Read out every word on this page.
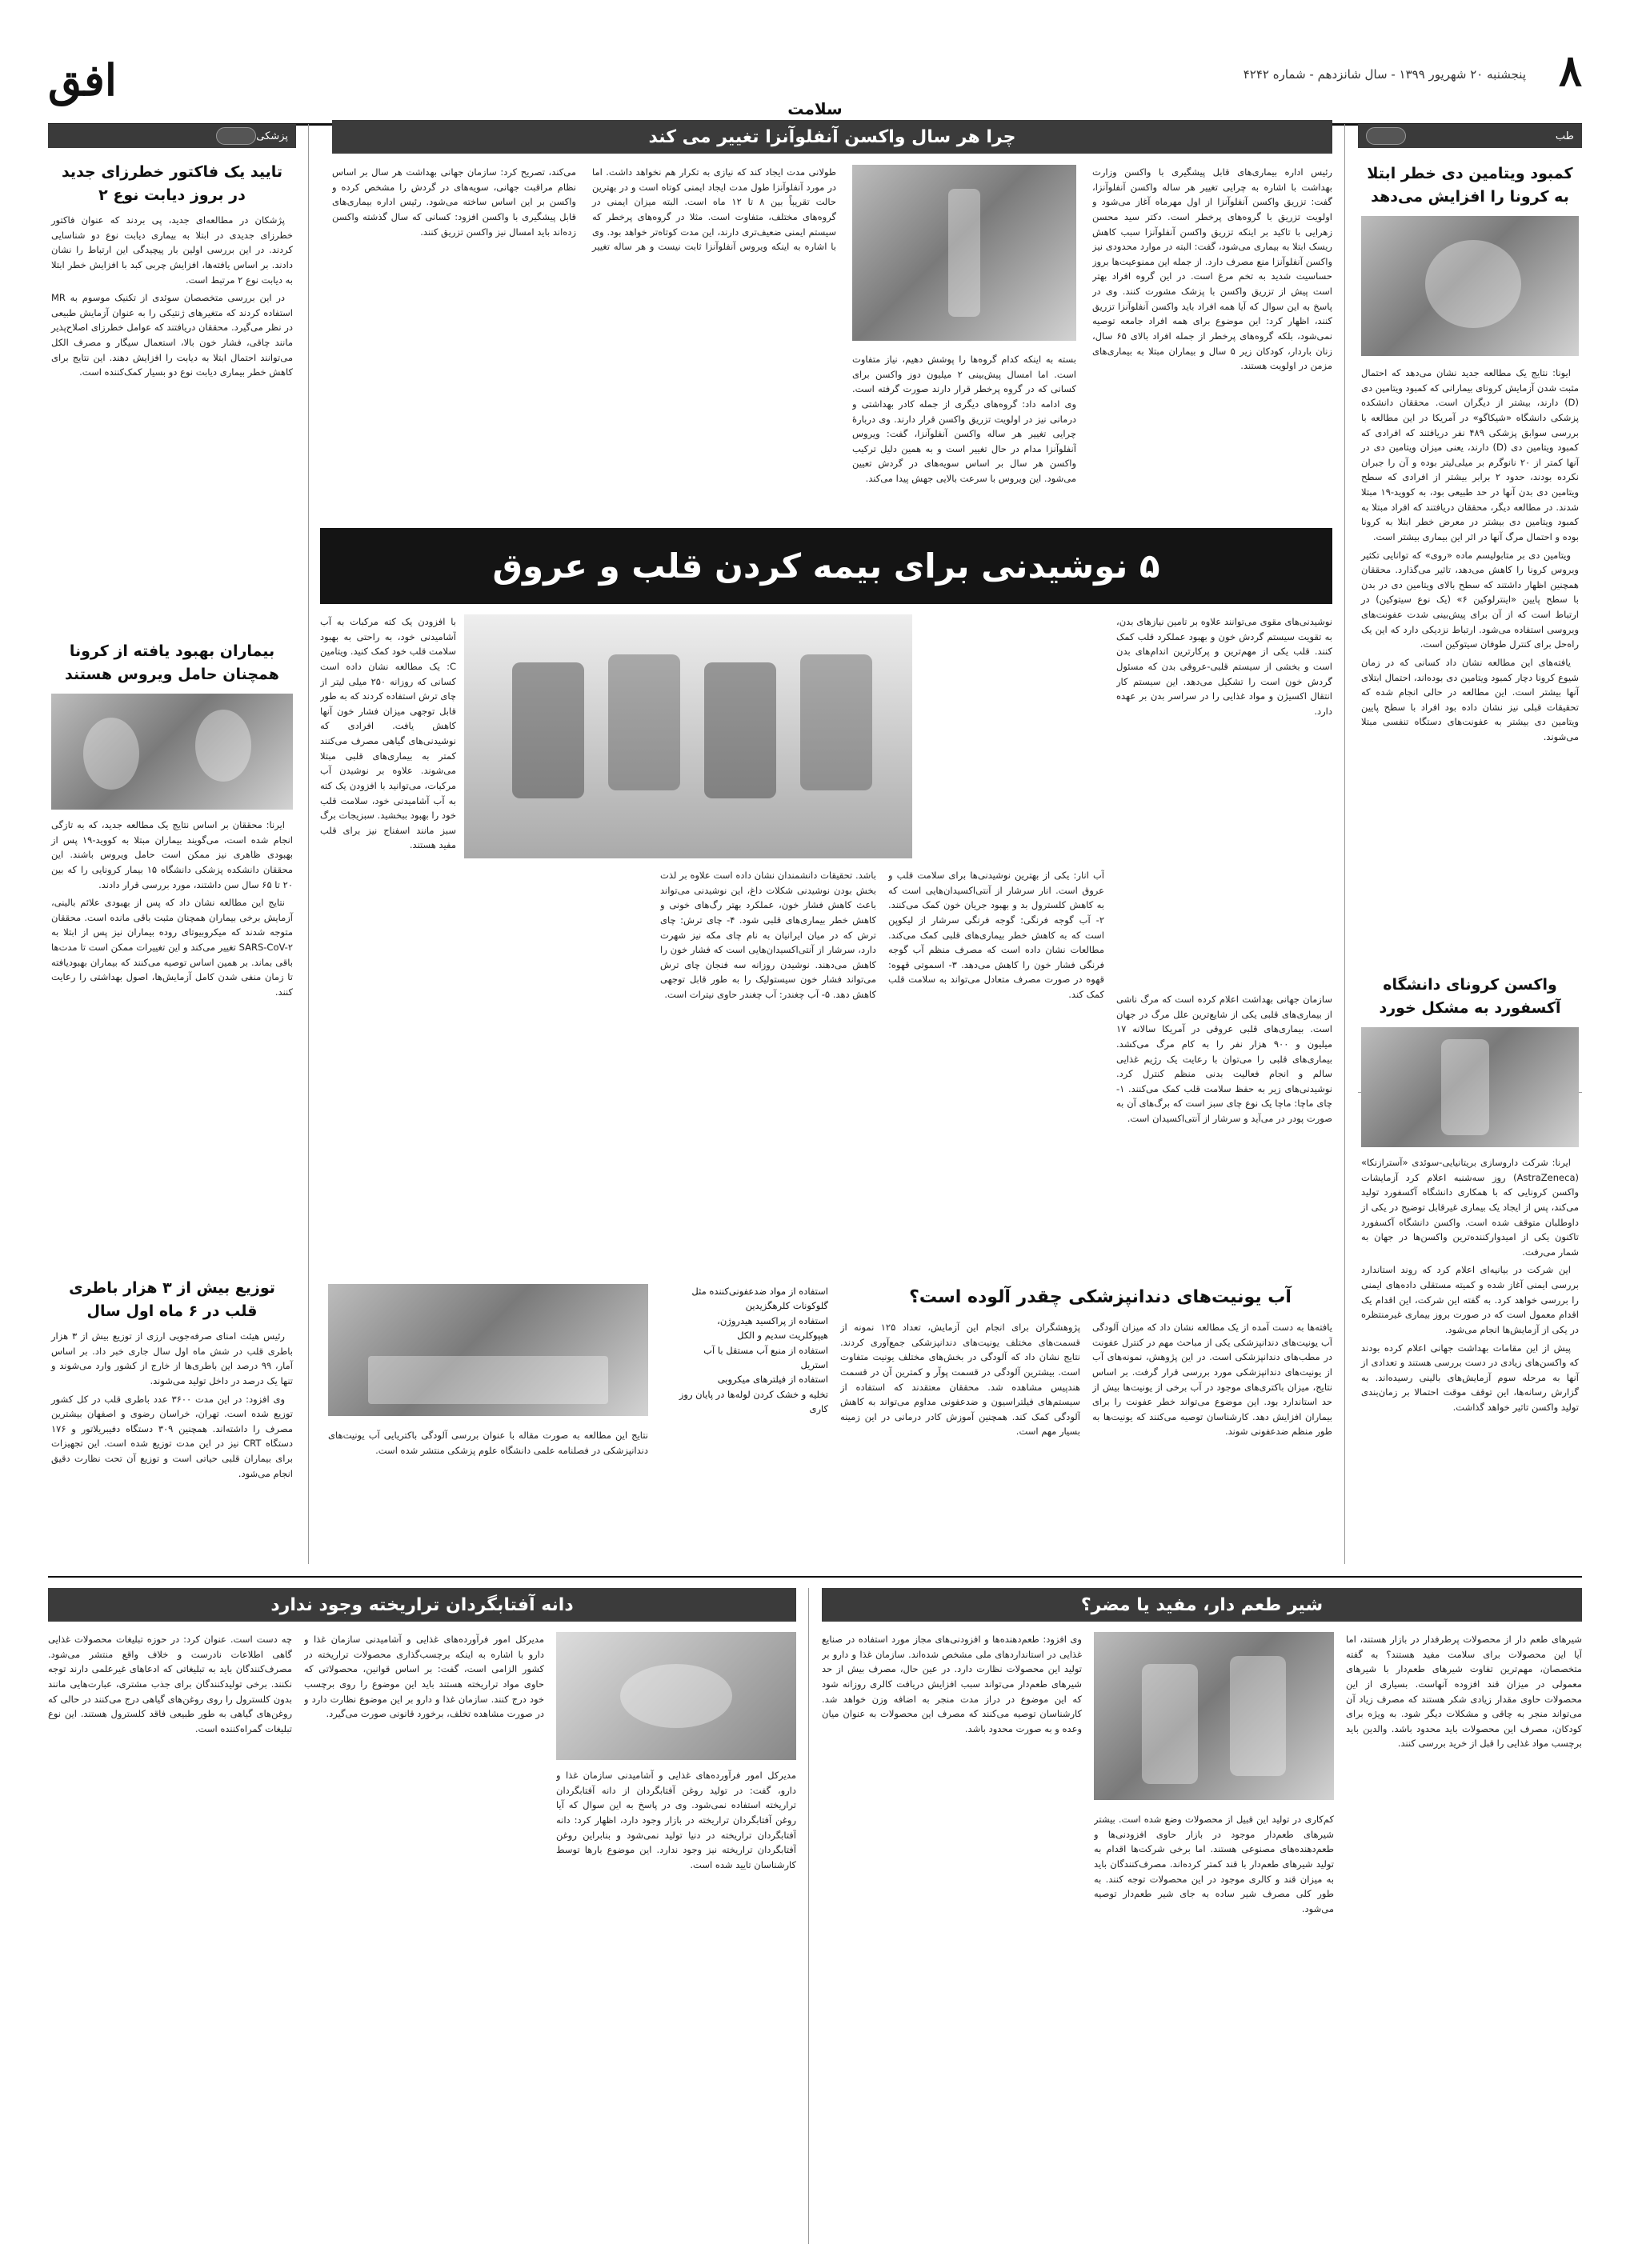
افق	پنجشنبه ۲۰ شهریور ۱۳۹۹ - سال شانزدهم - شماره ۴۲۴۲ ۸
سلامت
طب
کمبود ویتامین دی خطر ابتلا به کرونا را افزایش می‌دهد

ایونا: نتایج یک مطالعه جدید نشان می‌دهد که احتمال مثبت شدن آزمایش کرونای بیمارانی که کمبود ویتامین دی (D) دارند، بیشتر از دیگران است. محققان دانشکده پزشکی دانشگاه «شیکاگو» در آمریکا در این مطالعه با بررسی سوابق پزشکی ۴۸۹ نفر دریافتند که افرادی که کمبود ویتامین دی (D) دارند، یعنی میزان ویتامین دی در آنها کمتر از ۲۰ نانوگرم بر میلی‌لیتر بوده و آن را جبران نکرده بودند، حدود ۲ برابر بیشتر از افرادی که سطح ویتامین دی بدن آنها در حد طبیعی بود، به کووید-۱۹ مبتلا شدند. در مطالعه دیگر، محققان دریافتند که افراد مبتلا به کمبود ویتامین دی بیشتر در معرض خطر ابتلا به کرونا بوده و احتمال مرگ آنها در اثر این بیماری بیشتر است.

ویتامین دی بر متابولیسم ماده «روی» که توانایی تکثیر ویروس کرونا را کاهش می‌دهد، تاثیر می‌گذارد. محققان همچنین اظهار داشتند که سطح بالای ویتامین دی در بدن با سطح پایین «اینترلوکین ۶» (یک نوع سیتوکین) در ارتباط است که از آن برای پیش‌بینی شدت عفونت‌های ویروسی استفاده می‌شود. ارتباط نزدیکی دارد که این یک راه‌حل برای کنترل طوفان سیتوکین است.

یافته‌های این مطالعه نشان داد کسانی که در زمان شیوع کرونا دچار کمبود ویتامین دی بوده‌اند، احتمال ابتلای آنها بیشتر است. این مطالعه در حالی انجام شده که تحقیقات قبلی نیز نشان داده بود افراد با سطح پایین ویتامین دی بیشتر به عفونت‌های دستگاه تنفسی مبتلا می‌شوند.

واکسن کرونای دانشگاه آکسفورد به مشکل خورد

ایرنا: شرکت داروسازی بریتانیایی-سوئدی «آسترازنکا» (AstraZeneca) روز سه‌شنبه اعلام کرد آزمایشات واکسن کرونایی که با همکاری دانشگاه آکسفورد تولید می‌کند، پس از ایجاد یک بیماری غیرقابل توضیح در یکی از داوطلبان متوقف شده است. واکسن دانشگاه آکسفورد تاکنون یکی از امیدوارکننده‌ترین واکسن‌ها در جهان به شمار می‌رفت.

این شرکت در بیانیه‌ای اعلام کرد که روند استاندارد بررسی ایمنی آغاز شده و کمیته مستقلی داده‌های ایمنی را بررسی خواهد کرد. به گفته این شرکت، این اقدام یک اقدام معمول است که در صورت بروز بیماری غیرمنتظره در یکی از آزمایش‌ها انجام می‌شود.

پیش از این مقامات بهداشت جهانی اعلام کرده بودند که واکسن‌های زیادی در دست بررسی هستند و تعدادی از آنها به مرحله سوم آزمایش‌های بالینی رسیده‌اند. به گزارش رسانه‌ها، این توقف موقت احتمالا بر زمان‌بندی تولید واکسن تاثیر خواهد گذاشت.

پزشکی
تایید یک فاکتور خطرزای جدید در بروز دیابت نوع ۲

پژشکان در مطالعه‌ای جدید، پی بردند که عنوان فاکتور خطرزای جدیدی در ابتلا به بیماری دیابت نوع دو شناسایی کردند. در این بررسی اولین بار پیچیدگی این ارتباط را نشان دادند. بر اساس یافته‌ها، افزایش چربی کبد با افزایش خطر ابتلا به دیابت نوع ۲ مرتبط است.

در این بررسی متخصصان سوئدی از تکنیک موسوم به MR استفاده کردند که متغیرهای ژنتیکی را به عنوان آزمایش طبیعی در نظر می‌گیرد. محققان دریافتند که عوامل خطرزای اصلاح‌پذیر مانند چاقی، فشار خون بالا، استعمال سیگار و مصرف الکل می‌توانند احتمال ابتلا به دیابت را افزایش دهند. این نتایج برای کاهش خطر بیماری دیابت نوع دو بسیار کمک‌کننده است.

بیماران بهبود یافته از کرونا همچنان حامل ویروس هستند

ایرنا: محققان بر اساس نتایج یک مطالعه جدید، که به تازگی انجام شده است، می‌گویند بیماران مبتلا به کووید-۱۹ پس از بهبودی ظاهری نیز ممکن است حامل ویروس باشند. این محققان دانشکده پزشکی دانشگاه ۱۵ بیمار کرونایی را که بین ۲۰ تا ۶۵ سال سن داشتند، مورد بررسی قرار دادند.

نتایج این مطالعه نشان داد که پس از بهبودی علائم بالینی، آزمایش برخی بیماران همچنان مثبت باقی مانده است. محققان متوجه شدند که میکروبیوتای روده بیماران نیز پس از ابتلا به SARS-CoV-۲ تغییر می‌کند و این تغییرات ممکن است تا مدت‌ها باقی بماند. بر همین اساس توصیه می‌کنند که بیماران بهبودیافته تا زمان منفی شدن کامل آزمایش‌ها، اصول بهداشتی را رعایت کنند.

توزیع بیش از ۳ هزار باطری قلب در ۶ ماه اول سال

رئیس هیئت امنای صرفه‌جویی ارزی از توزیع بیش از ۳ هزار باطری قلب در شش ماه اول سال جاری خبر داد. بر اساس آمار، ۹۹ درصد این باطری‌ها از خارج از کشور وارد می‌شوند و تنها یک درصد در داخل تولید می‌شوند.

وی افزود: در این مدت ۳۶۰۰ عدد باطری قلب در کل کشور توزیع شده است. تهران، خراسان رضوی و اصفهان بیشترین مصرف را داشته‌اند. همچنین ۳۰۹ دستگاه دفیبریلاتور و ۱۷۶ دستگاه CRT نیز در این مدت توزیع شده است. این تجهیزات برای بیماران قلبی حیاتی است و توزیع آن تحت نظارت دقیق انجام می‌شود.

چرا هر سال واکسن آنفلوآنزا تغییر می کند
رئیس اداره بیماری‌های قابل پیشگیری با واکسن وزارت بهداشت با اشاره به چرایی تغییر هر ساله واکسن آنفلوآنزا، گفت: تزریق واکسن آنفلوآنزا از اول مهرماه آغاز می‌شود و اولویت تزریق با گروه‌های پرخطر است. دکتر سید محسن زهرایی با تاکید بر اینکه تزریق واکسن آنفلوآنزا سبب کاهش ریسک ابتلا به بیماری می‌شود، گفت: البته در موارد محدودی نیز واکسن آنفلوآنزا منع مصرف دارد. از جمله این ممنوعیت‌ها بروز حساسیت شدید به تخم مرغ است. در این گروه افراد بهتر است پیش از تزریق واکسن با پزشک مشورت کنند. وی در پاسخ به این سوال که آیا همه افراد باید واکسن آنفلوآنزا تزریق کنند، اظهار کرد: این موضوع برای همه افراد جامعه توصیه نمی‌شود، بلکه گروه‌های پرخطر از جمله افراد بالای ۶۵ سال، زنان باردار، کودکان زیر ۵ سال و بیماران مبتلا به بیماری‌های مزمن در اولویت هستند.
بسته به اینکه کدام گروه‌ها را پوشش دهیم، نیاز متفاوت است. اما امسال پیش‌بینی ۲ میلیون دوز واکسن برای کسانی که در گروه پرخطر قرار دارند صورت گرفته است. وی ادامه داد: گروه‌های دیگری از جمله کادر بهداشتی و درمانی نیز در اولویت تزریق واکسن قرار دارند. وی دربارهٔ چرایی تغییر هر ساله واکسن آنفلوآنزا، گفت: ویروس آنفلوآنزا مدام در حال تغییر است و به همین دلیل ترکیب واکسن هر سال بر اساس سویه‌های در گردش تعیین می‌شود. این ویروس با سرعت بالایی جهش پیدا می‌کند.
طولانی مدت ایجاد کند که نیازی به تکرار هم نخواهد داشت. اما در مورد آنفلوآنزا طول مدت ایجاد ایمنی کوتاه است و در بهترین حالت تقریباً بین ۸ تا ۱۲ ماه است. البته میزان ایمنی در گروه‌های مختلف، متفاوت است. مثلا در گروه‌های پرخطر که سیستم ایمنی ضعیف‌تری دارند، این مدت کوتاه‌تر خواهد بود. وی با اشاره به اینکه ویروس آنفلوآنزا ثابت نیست و هر ساله تغییر می‌کند، تصریح کرد: سازمان جهانی بهداشت هر سال بر اساس نظام مراقبت جهانی، سویه‌های در گردش را مشخص کرده و واکسن بر این اساس ساخته می‌شود. رئیس اداره بیماری‌های قابل پیشگیری با واکسن افزود: کسانی که سال گذشته واکسن زده‌اند باید امسال نیز واکسن تزریق کنند.
۵ نوشیدنی برای بیمه کردن قلب و عروق
نوشیدنی‌های مقوی می‌توانند علاوه بر تامین نیازهای بدن، به تقویت سیستم گردش خون و بهبود عملکرد قلب کمک کنند. قلب یکی از مهم‌ترین و پرکارترین اندام‌های بدن است و بخشی از سیستم قلبی-عروقی بدن که مسئول گردش خون است را تشکیل می‌دهد. این سیستم کار انتقال اکسیژن و مواد غذایی را در سراسر بدن بر عهده دارد.
با افزودن یک کته مرکبات به آب آشامیدنی خود، به راحتی به بهبود سلامت قلب خود کمک کنید. ویتامین C: یک مطالعه نشان داده است کسانی که روزانه ۲۵۰ میلی لیتر از چای ترش استفاده کردند که به طور قابل توجهی میزان فشار خون آنها کاهش یافت. افرادی که نوشیدنی‌های گیاهی مصرف می‌کنند کمتر به بیماری‌های قلبی مبتلا می‌شوند. علاوه بر نوشیدن آب مرکبات، می‌توانید با افزودن یک کته به آب آشامیدنی خود، سلامت قلب خود را بهبود ببخشید. سبزیجات برگ سبز مانند اسفناج نیز برای قلب مفید هستند.
سازمان جهانی بهداشت اعلام کرده است که مرگ ناشی از بیماری‌های قلبی یکی از شایع‌ترین علل مرگ در جهان است. بیماری‌های قلبی عروقی در آمریکا سالانه ۱۷ میلیون و ۹۰۰ هزار نفر را به کام مرگ می‌کشد. بیماری‌های قلبی را می‌توان با رعایت یک رژیم غذایی سالم و انجام فعالیت بدنی منظم کنترل کرد. نوشیدنی‌های زیر به حفظ سلامت قلب کمک می‌کنند. ۱- چای ماچا: ماچا یک نوع چای سبز است که برگ‌های آن به صورت پودر در می‌آید و سرشار از آنتی‌اکسیدان است.
آب انار: یکی از بهترین نوشیدنی‌ها برای سلامت قلب و عروق است. انار سرشار از آنتی‌اکسیدان‌هایی است که به کاهش کلسترول بد و بهبود جریان خون کمک می‌کنند. ۲- آب گوجه فرنگی: گوجه فرنگی سرشار از لیکوپن است که به کاهش خطر بیماری‌های قلبی کمک می‌کند. مطالعات نشان داده است که مصرف منظم آب گوجه فرنگی فشار خون را کاهش می‌دهد. ۳- اسموتی قهوه: قهوه در صورت مصرف متعادل می‌تواند به سلامت قلب کمک کند.
باشد. تحقیقات دانشمندان نشان داده است علاوه بر لذت بخش بودن نوشیدنی شکلات داغ، این نوشیدنی می‌تواند باعث کاهش فشار خون، عملکرد بهتر رگ‌های خونی و کاهش خطر بیماری‌های قلبی شود. ۴- چای ترش: چای ترش که در میان ایرانیان به نام چای مکه نیز شهرت دارد، سرشار از آنتی‌اکسیدان‌هایی است که فشار خون را کاهش می‌دهند. نوشیدن روزانه سه فنجان چای ترش می‌تواند فشار خون سیستولیک را به طور قابل توجهی کاهش دهد. ۵- آب چغندر: آب چغندر حاوی نیترات است.
آب یونیت‌های دندانپزشکی چقدر آلوده است؟
یافته‌ها به دست آمده از یک مطالعه نشان داد که میزان آلودگی آب یونیت‌های دندانپزشکی یکی از مباحث مهم در کنترل عفونت در مطب‌های دندانپزشکی است. در این پژوهش، نمونه‌های آب از یونیت‌های دندانپزشکی مورد بررسی قرار گرفت. بر اساس نتایج، میزان باکتری‌های موجود در آب برخی از یونیت‌ها بیش از حد استاندارد بود. این موضوع می‌تواند خطر عفونت را برای بیماران افزایش دهد. کارشناسان توصیه می‌کنند که یونیت‌ها به طور منظم ضدعفونی شوند.
پژوهشگران برای انجام این آزمایش، تعداد ۱۲۵ نمونه از قسمت‌های مختلف یونیت‌های دندانپزشکی جمع‌آوری کردند. نتایج نشان داد که آلودگی در بخش‌های مختلف یونیت متفاوت است. بیشترین آلودگی در قسمت پوآر و کمترین آن در قسمت هندپیس مشاهده شد. محققان معتقدند که استفاده از سیستم‌های فیلتراسیون و ضدعفونی مداوم می‌تواند به کاهش آلودگی کمک کند. همچنین آموزش کادر درمانی در این زمینه بسیار مهم است.
استفاده از مواد ضدعفونی‌کننده مثل گلوکونات کلرهگزیدین
استفاده از پراکسید هیدروژن، هیپوکلریت سدیم و الکل
استفاده از منبع آب مستقل با آب استریل
استفاده از فیلترهای میکروبی
تخلیه و خشک کردن لوله‌ها در پایان روز کاری
نتایج این مطالعه به صورت مقاله با عنوان بررسی آلودگی باکتریایی آب یونیت‌های دندانپزشکی در فصلنامه علمی دانشگاه علوم پزشکی منتشر شده است.
شیر طعم دار، مفید یا مضر؟
شیرهای طعم دار از محصولات پرطرفدار در بازار هستند، اما آیا این محصولات برای سلامت مفید هستند؟ به گفته متخصصان، مهم‌ترین تفاوت شیرهای طعم‌دار با شیرهای معمولی در میزان قند افزوده آنهاست. بسیاری از این محصولات حاوی مقدار زیادی شکر هستند که مصرف زیاد آن می‌تواند منجر به چاقی و مشکلات دیگر شود. به ویژه برای کودکان، مصرف این محصولات باید محدود باشد. والدین باید برچسب مواد غذایی را قبل از خرید بررسی کنند.
کم‌کاری در تولید این قبیل از محصولات وضع شده است. بیشتر شیرهای طعم‌دار موجود در بازار حاوی افزودنی‌ها و طعم‌دهنده‌های مصنوعی هستند. اما برخی شرکت‌ها اقدام به تولید شیرهای طعم‌دار با قند کمتر کرده‌اند. مصرف‌کنندگان باید به میزان قند و کالری موجود در این محصولات توجه کنند. به طور کلی مصرف شیر ساده به جای شیر طعم‌دار توصیه می‌شود.
وی افزود: طعم‌دهنده‌ها و افزودنی‌های مجاز مورد استفاده در صنایع غذایی در استانداردهای ملی مشخص شده‌اند. سازمان غذا و دارو بر تولید این محصولات نظارت دارد. در عین حال، مصرف بیش از حد شیرهای طعم‌دار می‌تواند سبب افزایش دریافت کالری روزانه شود که این موضوع در دراز مدت منجر به اضافه وزن خواهد شد. کارشناسان توصیه می‌کنند که مصرف این محصولات به عنوان میان وعده و به صورت محدود باشد.
دانه آفتابگردان تراریخته وجود ندارد
مدیرکل امور فرآورده‌های غذایی و آشامیدنی سازمان غذا و دارو، گفت: در تولید روغن آفتابگردان از دانه آفتابگردان تراریخته استفاده نمی‌شود. وی در پاسخ به این سوال که آیا روغن آفتابگردان تراریخته در بازار وجود دارد، اظهار کرد: دانه آفتابگردان تراریخته در دنیا تولید نمی‌شود و بنابراین روغن آفتابگردان تراریخته نیز وجود ندارد. این موضوع بارها توسط کارشناسان تایید شده است.
مدیرکل امور فرآورده‌های غذایی و آشامیدنی سازمان غذا و دارو با اشاره به اینکه برچسب‌گذاری محصولات تراریخته در کشور الزامی است، گفت: بر اساس قوانین، محصولاتی که حاوی مواد تراریخته هستند باید این موضوع را روی برچسب خود درج کنند. سازمان غذا و دارو بر این موضوع نظارت دارد و در صورت مشاهده تخلف، برخورد قانونی صورت می‌گیرد.
چه دست است. عنوان کرد: در حوزه تبلیغات محصولات غذایی گاهی اطلاعات نادرست و خلاف واقع منتشر می‌شود. مصرف‌کنندگان باید به تبلیغاتی که ادعاهای غیرعلمی دارند توجه نکنند. برخی تولیدکنندگان برای جذب مشتری، عبارت‌هایی مانند بدون کلسترول را روی روغن‌های گیاهی درج می‌کنند در حالی که روغن‌های گیاهی به طور طبیعی فاقد کلسترول هستند. این نوع تبلیغات گمراه‌کننده است.
